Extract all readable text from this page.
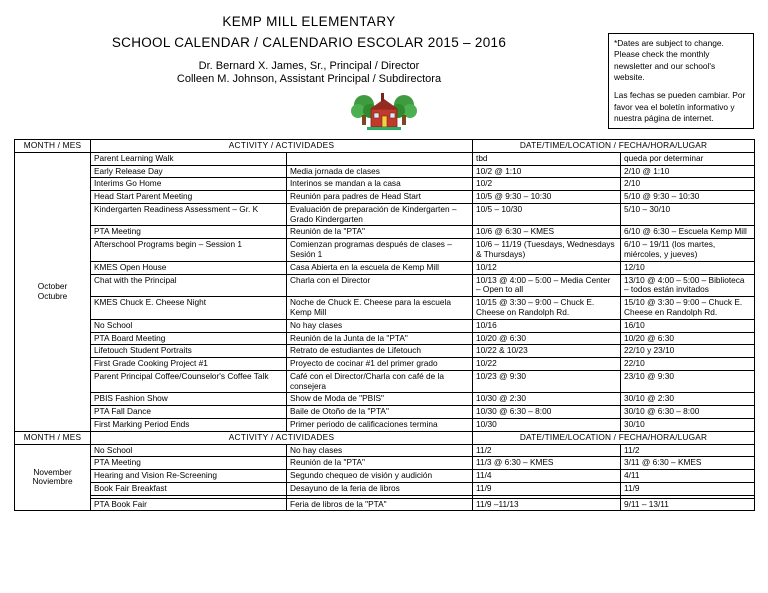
KEMP MILL ELEMENTARY
SCHOOL CALENDAR / CALENDARIO ESCOLAR 2015 – 2016
Dr. Bernard X. James, Sr., Principal / Director
Colleen M. Johnson, Assistant Principal / Subdirectora

*Dates are subject to change. Please check the monthly newsletter and our school's website.

Las fechas se pueden cambiar. Por favor vea el boletín informativo y nuestra página de internet.

MONTH / MES	ACTIVITY / ACTIVIDADES		DATE/TIME/LOCATION / FECHA/HORA/LUGAR	
October
Octubre	Parent Learning Walk		tbd	queda por determinar
	Early Release Day	Media jornada de clases	10/2 @ 1:10	2/10 @ 1:10
	Interims Go Home	Interinos se mandan a la casa	10/2	2/10
	Head Start Parent Meeting	Reunión para padres de Head Start	10/5 @ 9:30 – 10:30	5/10 @ 9:30 – 10:30
	Kindergarten Readiness Assessment – Gr. K	Evaluación de preparación de Kindergarten – Grado Kindergarten	10/5 – 10/30	5/10 – 30/10
	PTA Meeting	Reunión de la "PTA"	10/6 @ 6:30 – KMES	6/10 @ 6:30 – Escuela Kemp Mill
	Afterschool Programs begin – Session 1	Comienzan programas después de clases – Sesión 1	10/6 – 11/19 (Tuesdays, Wednesdays & Thursdays)	6/10 – 19/11 (los martes, miércoles, y jueves)
	KMES Open House	Casa Abierta en la escuela de Kemp Mill	10/12	12/10
	Chat with the Principal	Charla con el Director	10/13 @ 4:00 – 5:00 – Media Center – Open to all	13/10 @ 4:00 – 5:00 – Biblioteca – todos están invitados
	KMES Chuck E. Cheese Night	Noche de Chuck E. Cheese para la escuela Kemp Mill	10/15 @ 3:30 – 9:00 – Chuck E. Cheese on Randolph Rd.	15/10 @ 3:30 – 9:00 – Chuck E. Cheese en Randolph Rd.
	No School	No hay clases	10/16	16/10
	PTA Board Meeting	Reunión de la Junta de la "PTA"	10/20 @ 6:30	10/20 @ 6:30
	Lifetouch Student Portraits	Retrato de estudiantes de Lifetouch	10/22 & 10/23	22/10 y 23/10
	First Grade Cooking Project #1	Proyecto de cocinar #1 del primer grado	10/22	22/10
	Parent Principal Coffee/Counselor's Coffee Talk	Café con el Director/Charla con café de la consejera	10/23 @ 9:30	23/10 @ 9:30
	PBIS Fashion Show	Show de Moda de "PBIS"	10/30 @ 2:30	30/10 @ 2:30
	PTA Fall Dance	Baile de Otoño de la "PTA"	10/30 @ 6:30 – 8:00	30/10 @ 6:30 – 8:00
	First Marking Period Ends	Primer periodo de calificaciones termina	10/30	30/10
MONTH / MES	ACTIVITY / ACTIVIDADES		DATE/TIME/LOCATION / FECHA/HORA/LUGAR	
November
Noviembre	No School	No hay clases	11/2	11/2
	PTA Meeting	Reunión de la "PTA"	11/3 @ 6:30 – KMES	3/11 @ 6:30 – KMES
	Hearing and Vision Re-Screening	Segundo chequeo de visión y audición	11/4	4/11
	Book Fair Breakfast	Desayuno de la feria de libros	11/9	11/9

	PTA Book Fair	Feria de libros de la "PTA"	11/9 –11/13	9/11 – 13/11
